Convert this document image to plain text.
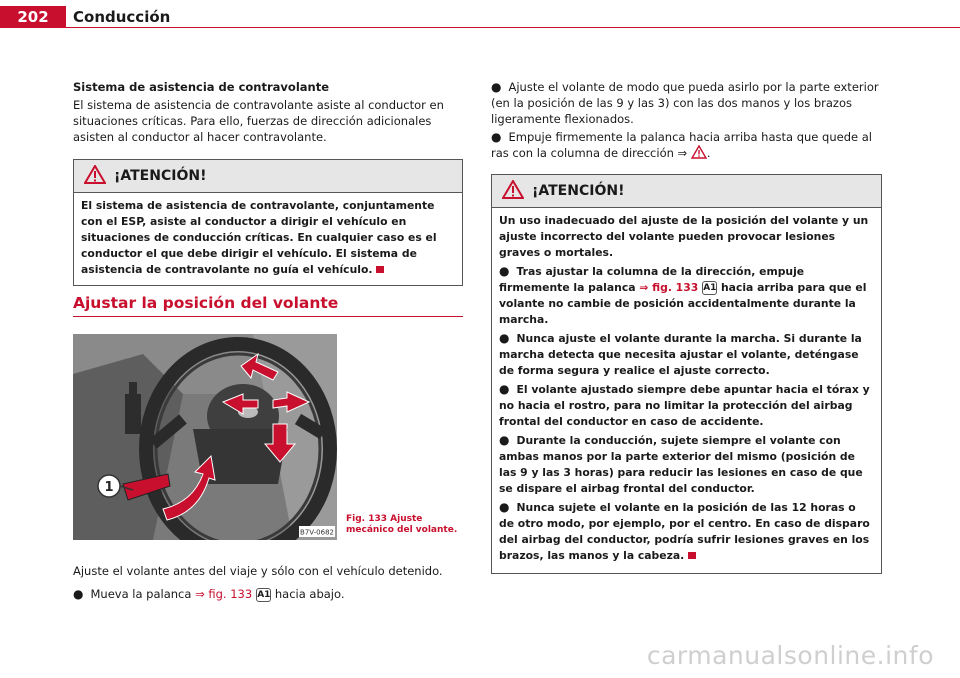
202	Conducción
Sistema de asistencia de contravolante

El sistema de asistencia de contravolante asiste al conductor en situaciones críticas. Para ello, fuerzas de dirección adicionales asisten al conductor al hacer contravolante.

¡ATENCIÓN!
El sistema de asistencia de contravolante, conjuntamente con el ESP, asiste al conductor a dirigir el vehículo en situaciones de conducción críticas. En cualquier caso es el conductor el que debe dirigir el vehículo. El sistema de asistencia de contravolante no guía el vehículo.
Ajustar la posición del volante
1
B7V-0682
Fig. 133 Ajuste mecánico del volante.

Ajuste el volante antes del viaje y sólo con el vehículo detenido.

● Mueva la palanca ⇒ fig. 133 A1 hacia abajo.

● Ajuste el volante de modo que pueda asirlo por la parte exterior (en la posición de las 9 y las 3) con las dos manos y los brazos ligeramente flexionados.

● Empuje firmemente la palanca hacia arriba hasta que quede al ras con la columna de dirección ⇒ .

¡ATENCIÓN!

Un uso inadecuado del ajuste de la posición del volante y un ajuste incorrecto del volante pueden provocar lesiones graves o mortales.

● Tras ajustar la columna de la dirección, empuje firmemente la palanca ⇒ fig. 133 A1 hacia arriba para que el volante no cambie de posición accidentalmente durante la marcha.

● Nunca ajuste el volante durante la marcha. Si durante la marcha detecta que necesita ajustar el volante, deténgase de forma segura y realice el ajuste correcto.

● El volante ajustado siempre debe apuntar hacia el tórax y no hacia el rostro, para no limitar la protección del airbag frontal del conductor en caso de accidente.

● Durante la conducción, sujete siempre el volante con ambas manos por la parte exterior del mismo (posición de las 9 y las 3 horas) para reducir las lesiones en caso de que se dispare el airbag frontal del conductor.

● Nunca sujete el volante en la posición de las 12 horas o de otro modo, por ejemplo, por el centro. En caso de disparo del airbag del conductor, podría sufrir lesiones graves en los brazos, las manos y la cabeza.

carmanualsonline.info
